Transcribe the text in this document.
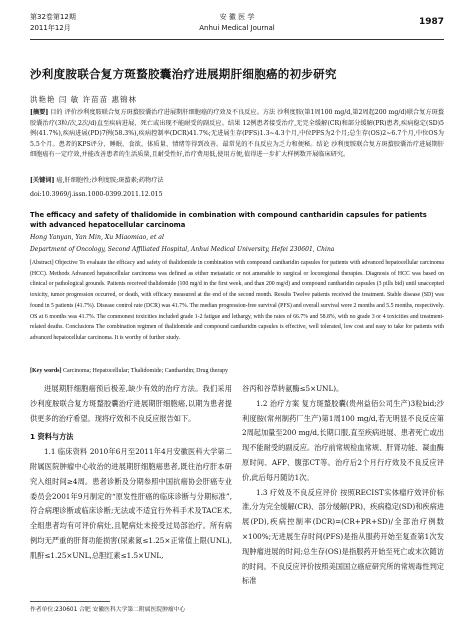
第32卷第12期
2011年12月
安 徽 医 学
Anhui Medical Journal
1987
沙利度胺联合复方斑蝥胶囊治疗进展期肝细胞癌的初步研究
洪艳艳 闫 敏 许苗苗 惠锦林
[摘要] 目的 评价沙利度胺联合复方斑蝥胶囊治疗进展期肝细胞癌的疗效及不良反应。方法 沙利度胺(第1周100 mg/d,第2周起200 mg/d)联合复方斑蝥胶囊治疗(3粒/次,2次/d)直至疾病进展、死亡或出现不能耐受的副反应。结果 12例患者接受治疗,无完全缓解(CR)和部分缓解(PR)患者,疾病稳定(SD)5例(41.7%),疾病进展(PD)7例(58.3%),疾病控制率(DCR)41.7%;无进展生存(PFS)1.3~4.3个月,中位PFS为2个月;总生存(OS)2~6.7个月,中位OS为5.5个月。患者的KPS评分、睡眠、食欲、体质量、情绪等得到改善。最常见的不良反应为乏力和便秘。结论 沙利度胺联合复方斑蝥胶囊治疗进展期肝细胞癌有一定疗效,并能改善患者的生活质量,且耐受性好,治疗费用低,使用方便,值得进一步扩大样例数开展临床研究。
[关键词] 癌,肝细胞性;沙利度胺;斑蝥素;药物疗法
doi:10.3969/j.issn.1000-0399.2011.12.015
The efficacy and safety of thalidomide in combination with compound cantharidin capsules for patients with advanced hepatocellular carcinoma
Hong Yanyan, Yan Min, Xu Miaomiao, et al
Department of Oncology, Second Affiliated Hospital, Anhui Medical University, Hefei 230601, China
[Abstract] Objective To evaluate the efficacy and safety of thalidomide in combination with compound cantharidin capsules for patients with advanced hepatocellular carcinoma (HCC). Methods Advanced hepatocellular carcinoma was defined as either metastatic or not amenable to surgical or locoregional therapies. Diagnosis of HCC was based on clinical or pathological grounds. Patients received thalidomide (100 mg/d in the first week, and than 200 mg/d) and compound cantharidin capsules (3 pills bid) until unaccepted toxicity, tumor progression occurred, or death, with efficacy measured at the end of the second month. Results Twelve patients received the treatment. Stable disease (SD) was found in 5 patients (41.7%). Disease control rate (DCR) was 41.7%. The median progression-free survival (PFS) and overall survival were 2 months and 5.5 months, respectively. OS at 6 months was 41.7%. The commonest toxicities included grade 1-2 fatigue and lethargy, with the rates of 66.7% and 58.8%, with no grade 3 or 4 toxicities and treatment-related deaths. Conclusions The combination regimen of thalidomide and compound cantharidin capsules is effective, well tolerated, low cost and easy to take for patients with advanced hepatocellular carcinoma. It is worthy of further study.
[Key words] Carcinoma; Hepatocellular; Thalidomide; Cantharidin; Drug therapy

进展期肝细胞癌预后极差,缺少有效的治疗方法。我们采用沙利度胺联合复方斑蝥胶囊治疗进展期肝细胞癌,以期为患者提供更多的治疗希望。现将疗效和不良反应报告如下。

1 资料与方法

1.1 临床资料 2010年6月至2011年4月安徽医科大学第二附属医院肿瘤中心收治的进展期肝细胞癌患者,既往治疗肝本研究入组时间≥4周。患者诊断及分期参照中国抗癌协会肝癌专业委员会2001年9月制定的“原发性肝癌的临床诊断与分期标准”,符合病理诊断或临床诊断;无法或不适宜行外科手术及TACE术,全组患者均有可评价病灶,且靶病灶未接受过局部治疗。所有病例均无严重的肝肾功能损害(尿素氮≤1.25×正常值上限(UNL),肌酐≤1.25×UNL,总胆红素≤1.5×UNL,

谷丙和谷草转氨酶≤5×UNL)。

1.2 治疗方案 复方斑蝥胶囊(贵州益佰公司生产)3粒bid;沙利度胺(常州制药厂生产)第1周100 mg/d,若无明显不良反应第2周起加量至200 mg/d,长期口服,直至疾病进展、患者死亡或出现不能耐受的副反应。治疗前常规检血常规、肝肾功能、凝血酶原时间、AFP、腹部CT等。治疗后2个月行疗效及不良反应评价,此后每月随访1次。

1.3 疗效及不良反应评价 按照RECIST实体瘤疗效评价标准,分为完全缓解(CR)、部分缓解(PR)、疾病稳定(SD)和疾病进展(PD),疾病控制率(DCR)=(CR+PR+SD)/全部治疗例数×100%;无进展生存时间(PFS)是指从服药开始至复查第1次发现肿瘤进展的时间;总生存(OS)是指服药开始至死亡或末次随访的时间。不良反应评价按照美国国立癌症研究所的常规毒性判定标准

作者单位:230601 合肥 安徽医科大学第二附属医院肿瘤中心
